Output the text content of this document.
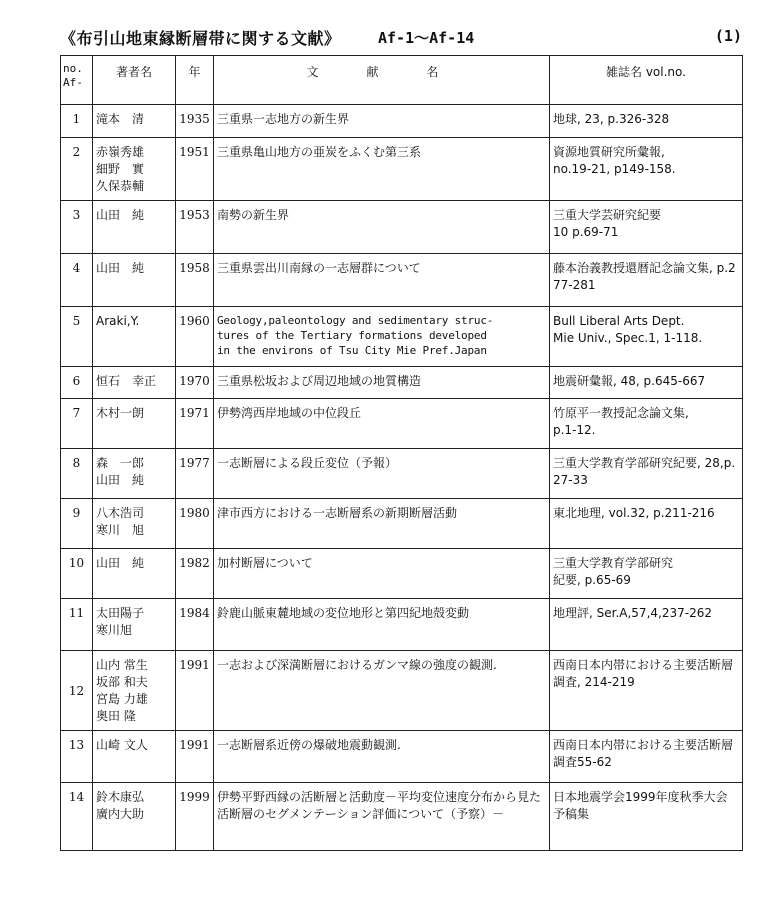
《布引山地東縁断層帯に関する文献》 Af-1〜Af-14	(1)
no.
Af-	著者名	年	文　献　名	雑誌名 vol.no.
1	滝本　清	1935	三重県一志地方の新生界	地球, 23, p.326-328
2	赤嶺秀雄
細野　實
久保恭輔	1951	三重県亀山地方の亜炭をふくむ第三系	資源地質研究所彙報,
no.19-21, p149-158.
3	山田　純	1953	南勢の新生界	三重大学芸研究紀要
10 p.69-71
4	山田　純	1958	三重県雲出川南縁の一志層群について	藤本治義教授還暦記念論文集, p.277-281
5	Araki,Y.	1960	Geology,paleontology and sedimentary struc-
tures of the Tertiary formations developed
in the environs of Tsu City Mie Pref.Japan	Bull Liberal Arts Dept.
Mie Univ., Spec.1, 1-118.
6	恒石　幸正	1970	三重県松坂および周辺地域の地質構造	地震研彙報, 48, p.645-667
7	木村一朗	1971	伊勢湾西岸地域の中位段丘	竹原平一教授記念論文集,
p.1-12.
8	森　一郎
山田　純	1977	一志断層による段丘変位（予報）	三重大学教育学部研究紀要, 28,p.27-33
9	八木浩司
寒川　旭	1980	津市西方における一志断層系の新期断層活動	東北地理, vol.32, p.211-216
10	山田　純	1982	加村断層について	三重大学教育学部研究
紀要, p.65-69
11	太田陽子
寒川旭	1984	鈴鹿山脈東麓地域の変位地形と第四紀地殻変動	地理評, Ser.A,57,4,237-262
12	山内 常生
坂部 和夫
宮島 力雄
奥田 隆	1991	一志および深満断層におけるガンマ線の強度の観測.	西南日本内帯における主要活断層調査, 214-219
13	山崎 文人	1991	一志断層系近傍の爆破地震動観測.	西南日本内帯における主要活断層調査55-62
14	鈴木康弘
廣内大助	1999	伊勢平野西縁の活断層と活動度－平均変位速度分布から見た活断層のセグメンテーション評価について（予察）－	日本地震学会1999年度秋季大会予稿集
